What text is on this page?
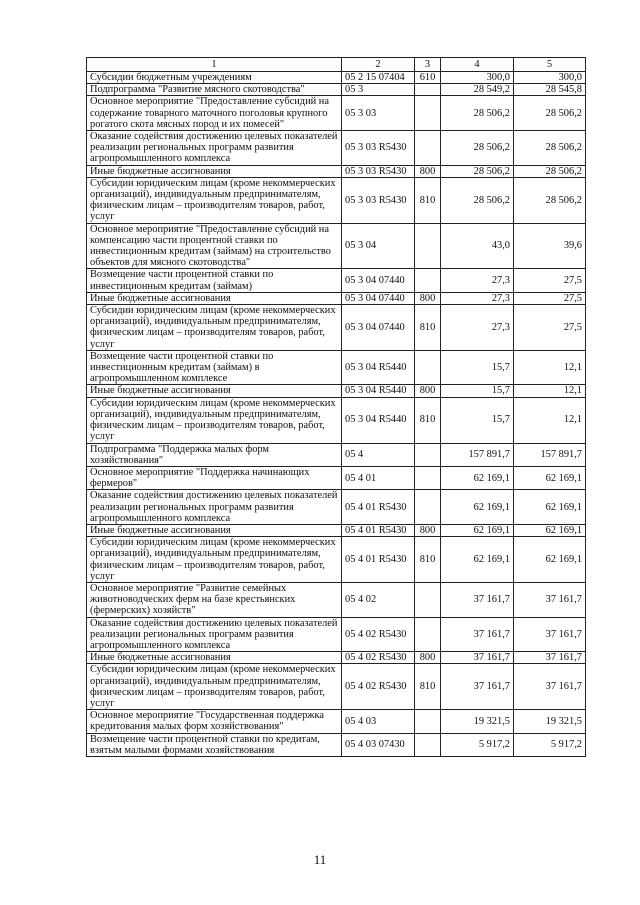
1	2	3	4	5
Субсидии бюджетным учреждениям	05 2 15 07404	610	300,0	300,0
Подпрограмма "Развитие мясного скотоводства"	05 3		28 549,2	28 545,8
Основное мероприятие "Предоставление субсидий на содержание товарного маточного поголовья крупного рогатого скота мясных пород и их помесей"	05 3 03		28 506,2	28 506,2
Оказание содействия достижению целевых показателей реализации региональных программ развития агропромышленного комплекса	05 3 03 R5430		28 506,2	28 506,2
Иные бюджетные ассигнования	05 3 03 R5430	800	28 506,2	28 506,2
Субсидии юридическим лицам (кроме некоммерческих организаций), индивидуальным предпринимателям, физическим лицам – производителям товаров, работ, услуг	05 3 03 R5430	810	28 506,2	28 506,2
Основное мероприятие "Предоставление субсидий на компенсацию части процентной ставки по инвестиционным кредитам (займам) на строительство объектов для мясного скотоводства"	05 3 04		43,0	39,6
Возмещение части процентной ставки по инвестиционным кредитам (займам)	05 3 04 07440		27,3	27,5
Иные бюджетные ассигнования	05 3 04 07440	800	27,3	27,5
Субсидии юридическим лицам (кроме некоммерческих организаций), индивидуальным предпринимателям, физическим лицам – производителям товаров, работ, услуг	05 3 04 07440	810	27,3	27,5
Возмещение части процентной ставки по инвестиционным кредитам (займам) в агропромышленном комплексе	05 3 04 R5440		15,7	12,1
Иные бюджетные ассигнования	05 3 04 R5440	800	15,7	12,1
Субсидии юридическим лицам (кроме некоммерческих организаций), индивидуальным предпринимателям, физическим лицам – производителям товаров, работ, услуг	05 3 04 R5440	810	15,7	12,1
Подпрограмма "Поддержка малых форм хозяйствования"	05 4		157 891,7	157 891,7
Основное мероприятие "Поддержка начинающих фермеров"	05 4 01		62 169,1	62 169,1
Оказание содействия достижению целевых показателей реализации региональных программ развития агропромышленного комплекса	05 4 01 R5430		62 169,1	62 169,1
Иные бюджетные ассигнования	05 4 01 R5430	800	62 169,1	62 169,1
Субсидии юридическим лицам (кроме некоммерческих организаций), индивидуальным предпринимателям, физическим лицам – производителям товаров, работ, услуг	05 4 01 R5430	810	62 169,1	62 169,1
Основное мероприятие "Развитие семейных животноводческих ферм на базе крестьянских (фермерских) хозяйств"	05 4 02		37 161,7	37 161,7
Оказание содействия достижению целевых показателей реализации региональных программ развития агропромышленного комплекса	05 4 02 R5430		37 161,7	37 161,7
Иные бюджетные ассигнования	05 4 02 R5430	800	37 161,7	37 161,7
Субсидии юридическим лицам (кроме некоммерческих организаций), индивидуальным предпринимателям, физическим лицам – производителям товаров, работ, услуг	05 4 02 R5430	810	37 161,7	37 161,7
Основное мероприятие "Государственная поддержка кредитования малых форм хозяйствования"	05 4 03		19 321,5	19 321,5
Возмещение части процентной ставки по кредитам, взятым малыми формами хозяйствования	05 4 03 07430		5 917,2	5 917,2
11
